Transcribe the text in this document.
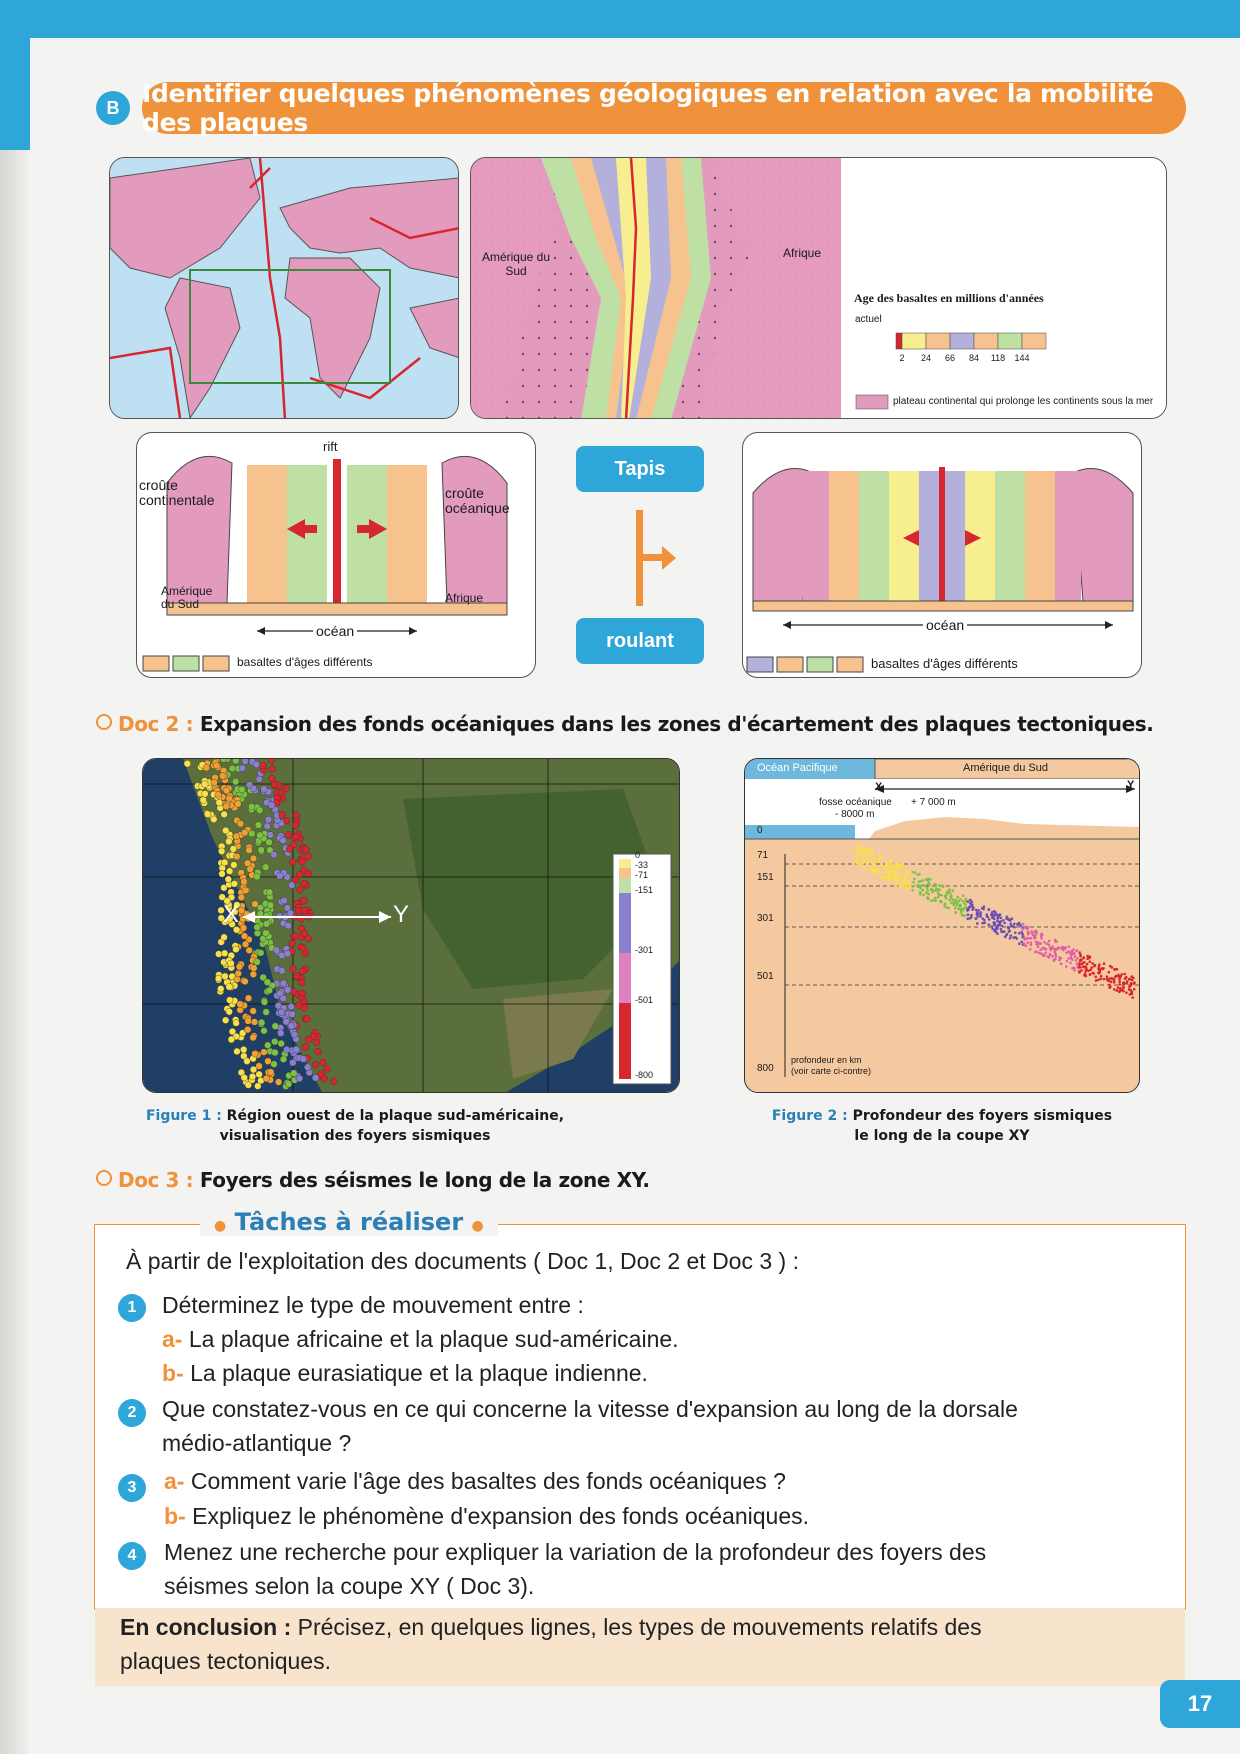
B Identifier quelques phénomènes géologiques en relation avec la mobilité des plaques
Amérique du Sud
Afrique
Age des basaltes en millions d'années
actuel
2 24 66 84 118 144
plateau continental qui prolonge les continents sous la mer
rift
croûte continentale	croûte océanique
Amérique du Sud	Afrique
océan
basaltes d'âges différents
Tapis
roulant
océan
basaltes d'âges différents
Doc 2 : Expansion des fonds océaniques dans les zones d'écartement des plaques tectoniques.
X	Y
0
-33
-71
-151
-301
-501
-800
Océan Pacifique	Amérique du Sud
X	Y
fosse océanique
- 8000 m
+ 7 000 m
0
71
151
301
501
800
profondeur en km
(voir carte ci-contre)
Figure 1 : Région ouest de la plaque sud-américaine,
visualisation des foyers sismiques
Figure 2 : Profondeur des foyers sismiques
le long de la coupe XY
Doc 3 : Foyers des séismes le long de la zone XY.
● Tâches à réaliser ●
À partir de l'exploitation des documents ( Doc 1, Doc 2 et Doc 3 ) :
1	Déterminez le type de mouvement entre :
a- La plaque africaine et la plaque sud-américaine.
b- La plaque eurasiatique et la plaque indienne.
2	Que constatez-vous en ce qui concerne la vitesse d'expansion au long de la dorsale
médio-atlantique ?
3	a- Comment varie l'âge des basaltes des fonds océaniques ?
b- Expliquez le phénomène d'expansion des fonds océaniques.
4	Menez une recherche pour expliquer la variation de la profondeur des foyers des
séismes selon la coupe XY ( Doc 3).
En conclusion : Précisez, en quelques lignes, les types de mouvements relatifs des
plaques tectoniques.
17
